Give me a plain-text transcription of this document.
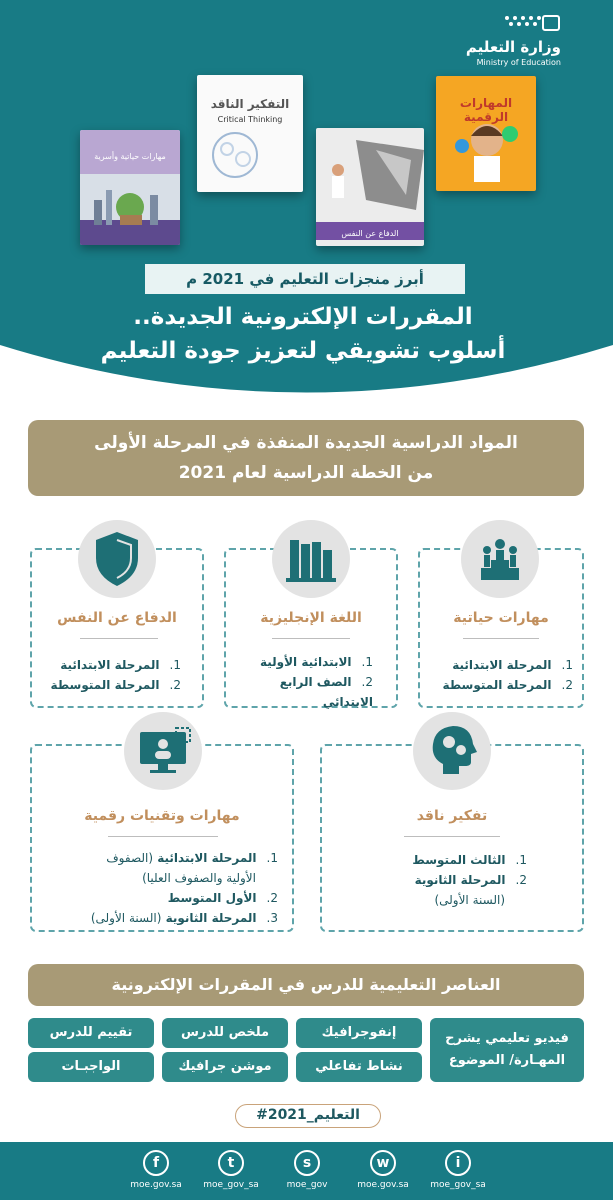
وزارة التعليم
Ministry of Education
مهارات حياتية وأسرية
التفكير الناقد
Critical Thinking
الدفاع عن النفس
المهارات الرقمية
أبرز منجزات التعليم في 2021 م
المقررات الإلكترونية الجديدة..
أسلوب تشويقي لتعزيز جودة التعليم
المواد الدراسية الجديدة المنفذة في المرحلة الأولى
من الخطة الدراسية لعام 2021
مهارات حياتية
1.المرحلة الابتدائية
2.المرحلة المتوسطة
اللغة الإنجليزية
1.الابتدائية الأولية
2.الصف الرابع الابتدائي
الدفاع عن النفس
1.المرحلة الابتدائية
2.المرحلة المتوسطة
تفكير ناقد
1.الثالث المتوسط
2.المرحلة الثانوية
(السنة الأولى)
مهارات وتقنيات رقمية
1.المرحلة الابتدائية (الصفوف
الأولية والصفوف العليا)
2.الأول المتوسط
3.المرحلة الثانوية (السنة الأولى)
العناصر التعليمية للدرس في المقررات الإلكترونية
فيديو تعليمي يشرح
المهـارة/ الموضوع
إنفوجرافيك
ملخص للدرس
تقييم للدرس
نشاط تفاعلي
موشن جرافيك
الواجبـات
#التعليم_2021
f
moe.gov.sa
t
moe_gov_sa
s
moe_gov
w
moe.gov.sa
i
moe_gov_sa
